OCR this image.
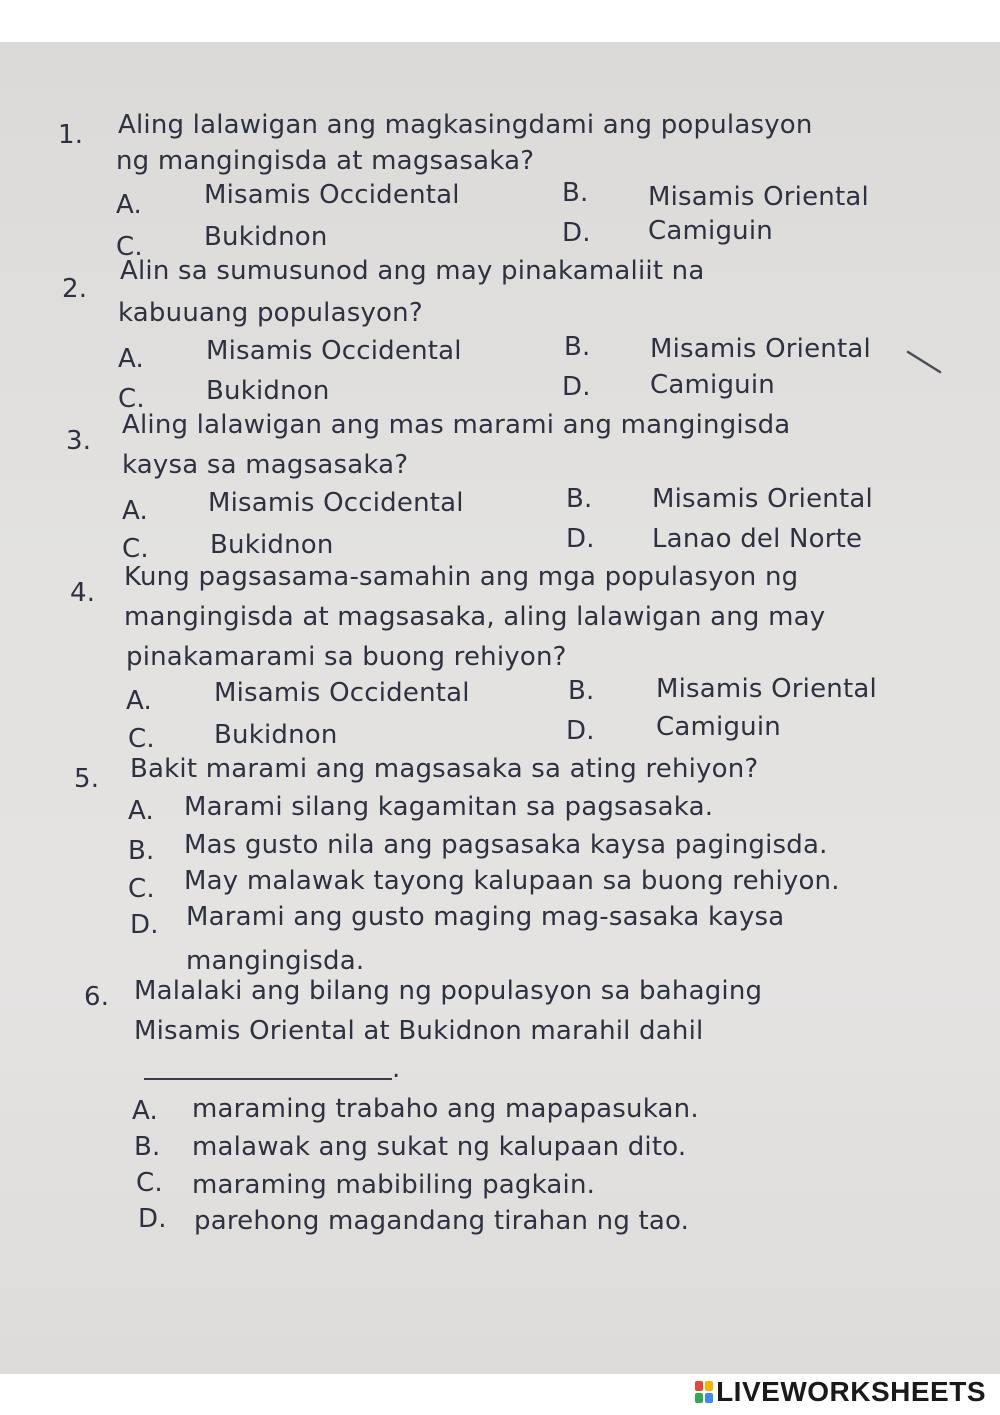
1. Aling lalawigan ang magkasingdami ang populasyon
ng mangingisda at magsasaka?
A. Misamis Occidental	B. Misamis Oriental
C. Bukidnon	D. Camiguin
2.
Alin sa sumusunod ang may pinakamaliit na
kabuuang populasyon?
A. Misamis Occidental	B. Misamis Oriental
C. Bukidnon	D. Camiguin
3.
Aling lalawigan ang mas marami ang mangingisda
kaysa sa magsasaka?
A. Misamis Occidental	B. Misamis Oriental
C. Bukidnon	D. Lanao del Norte
4.
Kung pagsasama-samahin ang mga populasyon ng
mangingisda at magsasaka, aling lalawigan ang may
pinakamarami sa buong rehiyon?
A. Misamis Occidental	B. Misamis Oriental
C. Bukidnon	D. Camiguin
5. Bakit marami ang magsasaka sa ating rehiyon?
A. Marami silang kagamitan sa pagsasaka.
B. Mas gusto nila ang pagsasaka kaysa pagingisda.
C. May malawak tayong kalupaan sa buong rehiyon.
D. Marami ang gusto maging mag-sasaka kaysa
mangingisda.
6. Malalaki ang bilang ng populasyon sa bahaging
Misamis Oriental at Bukidnon marahil dahil
.
A. maraming trabaho ang mapapasukan.
B. malawak ang sukat ng kalupaan dito.
C. maraming mabibiling pagkain.
D. parehong magandang tirahan ng tao.
LIVEWORKSHEETS
